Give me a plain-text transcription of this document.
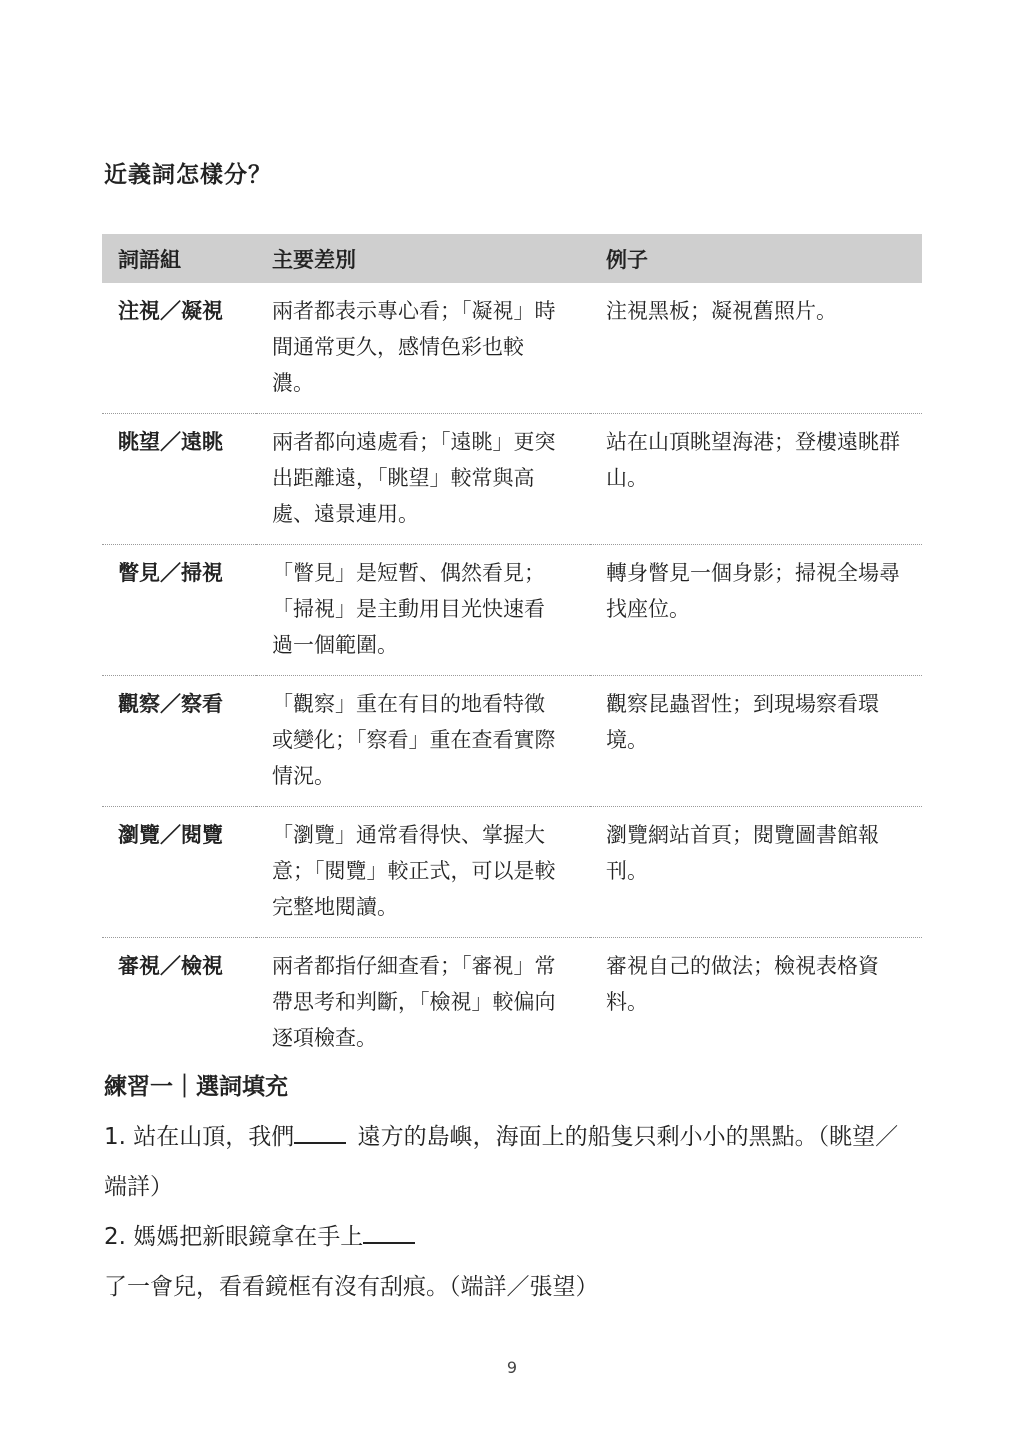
近義詞怎樣分？
詞語組	主要差別	例子
注視／凝視	兩者都表示專心看；「凝視」時間通常更久，感情色彩也較濃。	注視黑板；凝視舊照片。
眺望／遠眺	兩者都向遠處看；「遠眺」更突出距離遠，「眺望」較常與高處、遠景連用。	站在山頂眺望海港；登樓遠眺群山。
瞥見／掃視	「瞥見」是短暫、偶然看見；「掃視」是主動用目光快速看過一個範圍。	轉身瞥見一個身影；掃視全場尋找座位。
觀察／察看	「觀察」重在有目的地看特徵或變化；「察看」重在查看實際情況。	觀察昆蟲習性；到現場察看環境。
瀏覽／閱覽	「瀏覽」通常看得快、掌握大意；「閱覽」較正式，可以是較完整地閱讀。	瀏覽網站首頁；閱覽圖書館報刊。
審視／檢視	兩者都指仔細查看；「審視」常帶思考和判斷，「檢視」較偏向逐項檢查。	審視自己的做法；檢視表格資料。
練習一｜選詞填充
1. 站在山頂，我們 遠方的島嶼，海面上的船隻只剩小小的黑點。（眺望／端詳）
2. 媽媽把新眼鏡拿在手上了一會兒，看看鏡框有沒有刮痕。（端詳／張望）
9
